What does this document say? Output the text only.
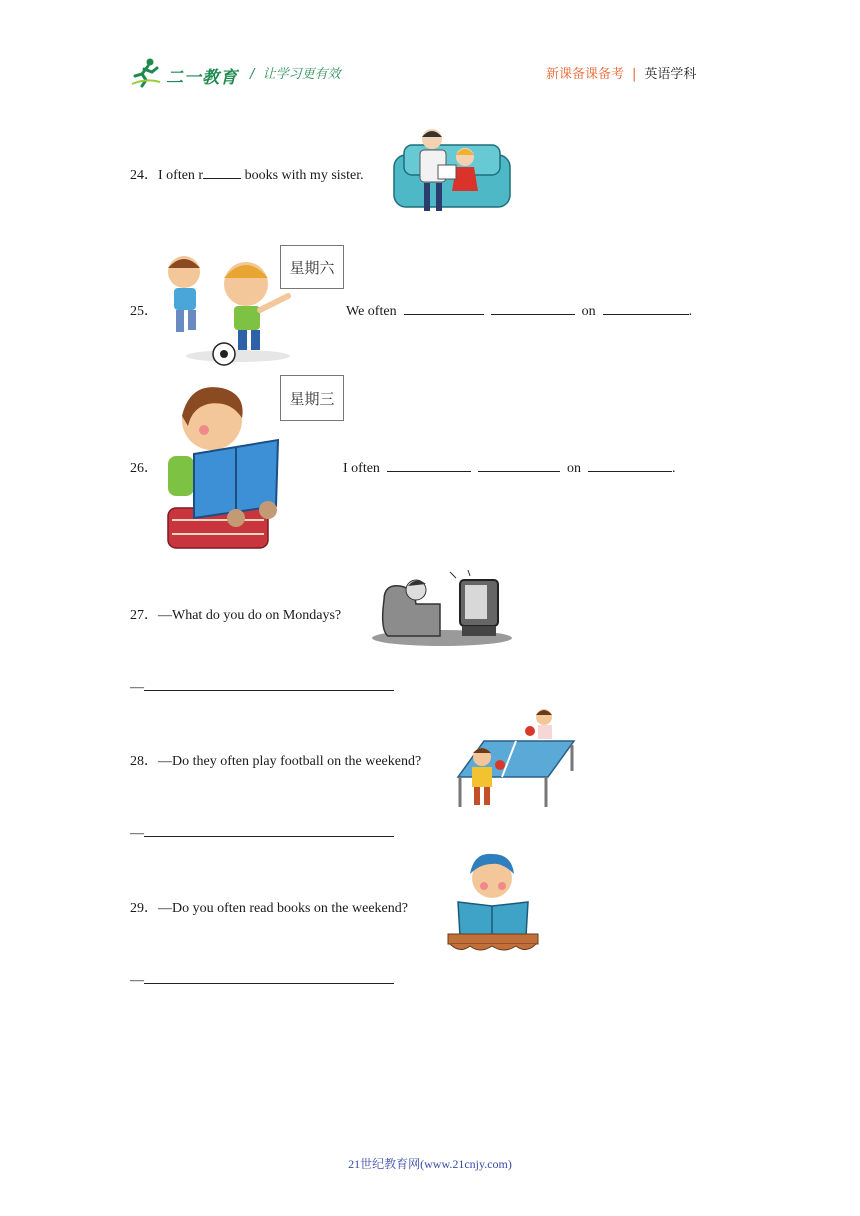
二一教育 /  让学习更有效	新课备课备考 | 英语学科
24．I often r	books with my sister.
25．
星期六
We often	on	.
26．
星期三
I often	on	.
27．—What do you do on Mondays?
—
28．—Do they often play football on the weekend?
—
29．—Do you often read books on the weekend?
—
21世纪教育网(www.21cnjy.com)
